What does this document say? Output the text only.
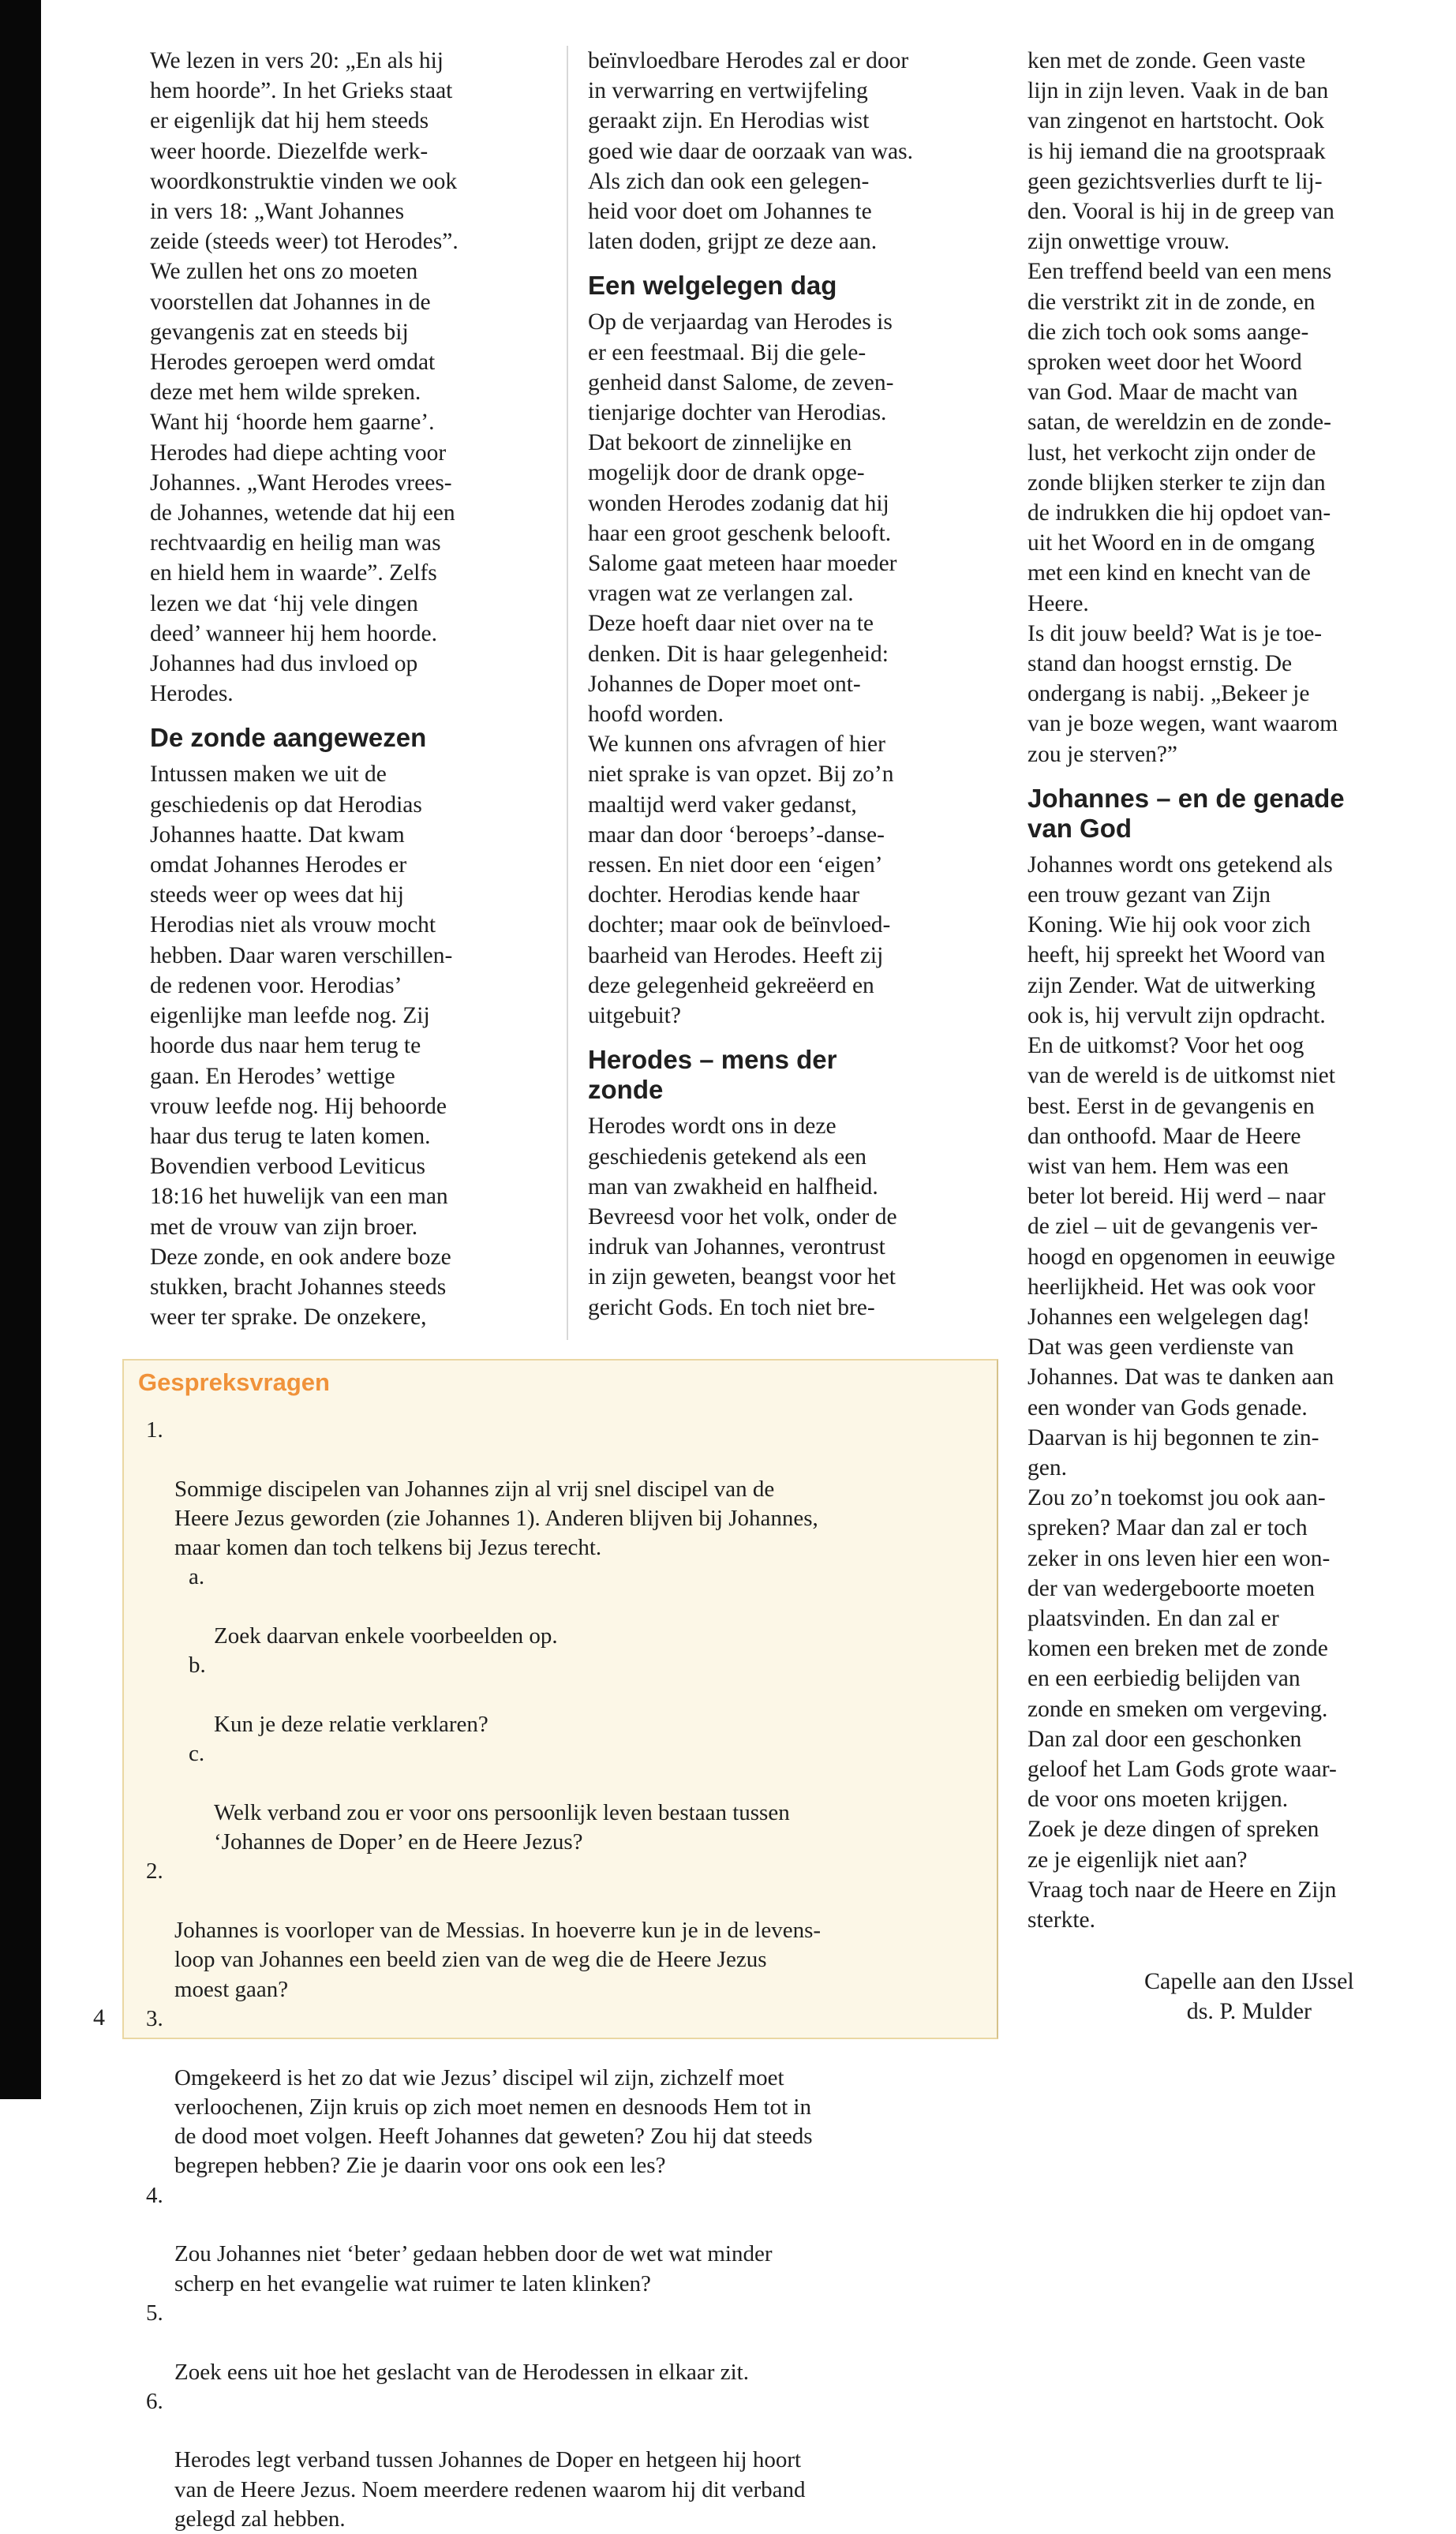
We lezen in vers 20: „En als hij
hem hoorde”. In het Grieks staat
er eigenlijk dat hij hem steeds
weer hoorde. Diezelfde werk-
woordkonstruktie vinden we ook
in vers 18: „Want Johannes
zeide (steeds weer) tot Herodes”.
We zullen het ons zo moeten
voorstellen dat Johannes in de
gevangenis zat en steeds bij
Herodes geroepen werd omdat
deze met hem wilde spreken.
Want hij ‘hoorde hem gaarne’.
Herodes had diepe achting voor
Johannes. „Want Herodes vrees-
de Johannes, wetende dat hij een
rechtvaardig en heilig man was
en hield hem in waarde”. Zelfs
lezen we dat ‘hij vele dingen
deed’ wanneer hij hem hoorde.
Johannes had dus invloed op
Herodes.

De zonde aangewezen

Intussen maken we uit de
geschiedenis op dat Herodias
Johannes haatte. Dat kwam
omdat Johannes Herodes er
steeds weer op wees dat hij
Herodias niet als vrouw mocht
hebben. Daar waren verschillen-
de redenen voor. Herodias’
eigenlijke man leefde nog. Zij
hoorde dus naar hem terug te
gaan. En Herodes’ wettige
vrouw leefde nog. Hij behoorde
haar dus terug te laten komen.
Bovendien verbood Leviticus
18:16 het huwelijk van een man
met de vrouw van zijn broer.
Deze zonde, en ook andere boze
stukken, bracht Johannes steeds
weer ter sprake. De onzekere,

beïnvloedbare Herodes zal er door
in verwarring en vertwijfeling
geraakt zijn. En Herodias wist
goed wie daar de oorzaak van was.
Als zich dan ook een gelegen-
heid voor doet om Johannes te
laten doden, grijpt ze deze aan.

Een welgelegen dag

Op de verjaardag van Herodes is
er een feestmaal. Bij die gele-
genheid danst Salome, de zeven-
tienjarige dochter van Herodias.
Dat bekoort de zinnelijke en
mogelijk door de drank opge-
wonden Herodes zodanig dat hij
haar een groot geschenk belooft.
Salome gaat meteen haar moeder
vragen wat ze verlangen zal.
Deze hoeft daar niet over na te
denken. Dit is haar gelegenheid:
Johannes de Doper moet ont-
hoofd worden.
We kunnen ons afvragen of hier
niet sprake is van opzet. Bij zo’n
maaltijd werd vaker gedanst,
maar dan door ‘beroeps’-danse-
ressen. En niet door een ‘eigen’
dochter. Herodias kende haar
dochter; maar ook de beïnvloed-
baarheid van Herodes. Heeft zij
deze gelegenheid gekreëerd en
uitgebuit?

Herodes – mens der
zonde

Herodes wordt ons in deze
geschiedenis getekend als een
man van zwakheid en halfheid.
Bevreesd voor het volk, onder de
indruk van Johannes, verontrust
in zijn geweten, beangst voor het
gericht Gods. En toch niet bre-

ken met de zonde. Geen vaste
lijn in zijn leven. Vaak in de ban
van zingenot en hartstocht. Ook
is hij iemand die na grootspraak
geen gezichtsverlies durft te lij-
den. Vooral is hij in de greep van
zijn onwettige vrouw.
Een treffend beeld van een mens
die verstrikt zit in de zonde, en
die zich toch ook soms aange-
sproken weet door het Woord
van God. Maar de macht van
satan, de wereldzin en de zonde-
lust, het verkocht zijn onder de
zonde blijken sterker te zijn dan
de indrukken die hij opdoet van-
uit het Woord en in de omgang
met een kind en knecht van de
Heere.
Is dit jouw beeld? Wat is je toe-
stand dan hoogst ernstig. De
ondergang is nabij. „Bekeer je
van je boze wegen, want waarom
zou je sterven?”

Johannes – en de genade
van God

Johannes wordt ons getekend als
een trouw gezant van Zijn
Koning. Wie hij ook voor zich
heeft, hij spreekt het Woord van
zijn Zender. Wat de uitwerking
ook is, hij vervult zijn opdracht.
En de uitkomst? Voor het oog
van de wereld is de uitkomst niet
best. Eerst in de gevangenis en
dan onthoofd. Maar de Heere
wist van hem. Hem was een
beter lot bereid. Hij werd – naar
de ziel – uit de gevangenis ver-
hoogd en opgenomen in eeuwige
heerlijkheid. Het was ook voor
Johannes een welgelegen dag!
Dat was geen verdienste van
Johannes. Dat was te danken aan
een wonder van Gods genade.
Daarvan is hij begonnen te zin-
gen.
Zou zo’n toekomst jou ook aan-
spreken? Maar dan zal er toch
zeker in ons leven hier een won-
der van wedergeboorte moeten
plaatsvinden. En dan zal er
komen een breken met de zonde
en een eerbiedig belijden van
zonde en smeken om vergeving.
Dan zal door een geschonken
geloof het Lam Gods grote waar-
de voor ons moeten krijgen.
Zoek je deze dingen of spreken
ze je eigenlijk niet aan?
Vraag toch naar de Heere en Zijn
sterkte.

Gespreksvragen

1.

Sommige discipelen van Johannes zijn al vrij snel discipel van de
Heere Jezus geworden (zie Johannes 1). Anderen blijven bij Johannes,
maar komen dan toch telkens bij Jezus terecht.

a.

Zoek daarvan enkele voorbeelden op.

b.

Kun je deze relatie verklaren?

c.

Welk verband zou er voor ons persoonlijk leven bestaan tussen
‘Johannes de Doper’ en de Heere Jezus?

2.

Johannes is voorloper van de Messias. In hoeverre kun je in de levens-
loop van Johannes een beeld zien van de weg die de Heere Jezus
moest gaan?

3.

Omgekeerd is het zo dat wie Jezus’ discipel wil zijn, zichzelf moet
verloochenen, Zijn kruis op zich moet nemen en desnoods Hem tot in
de dood moet volgen. Heeft Johannes dat geweten? Zou hij dat steeds
begrepen hebben? Zie je daarin voor ons ook een les?

4.

Zou Johannes niet ‘beter’ gedaan hebben door de wet wat minder
scherp en het evangelie wat ruimer te laten klinken?

5.

Zoek eens uit hoe het geslacht van de Herodessen in elkaar zit.

6.

Herodes legt verband tussen Johannes de Doper en hetgeen hij hoort
van de Heere Jezus. Noem meerdere redenen waarom hij dit verband
gelegd zal hebben.

4
Capelle aan den IJssel
ds. P. Mulder
